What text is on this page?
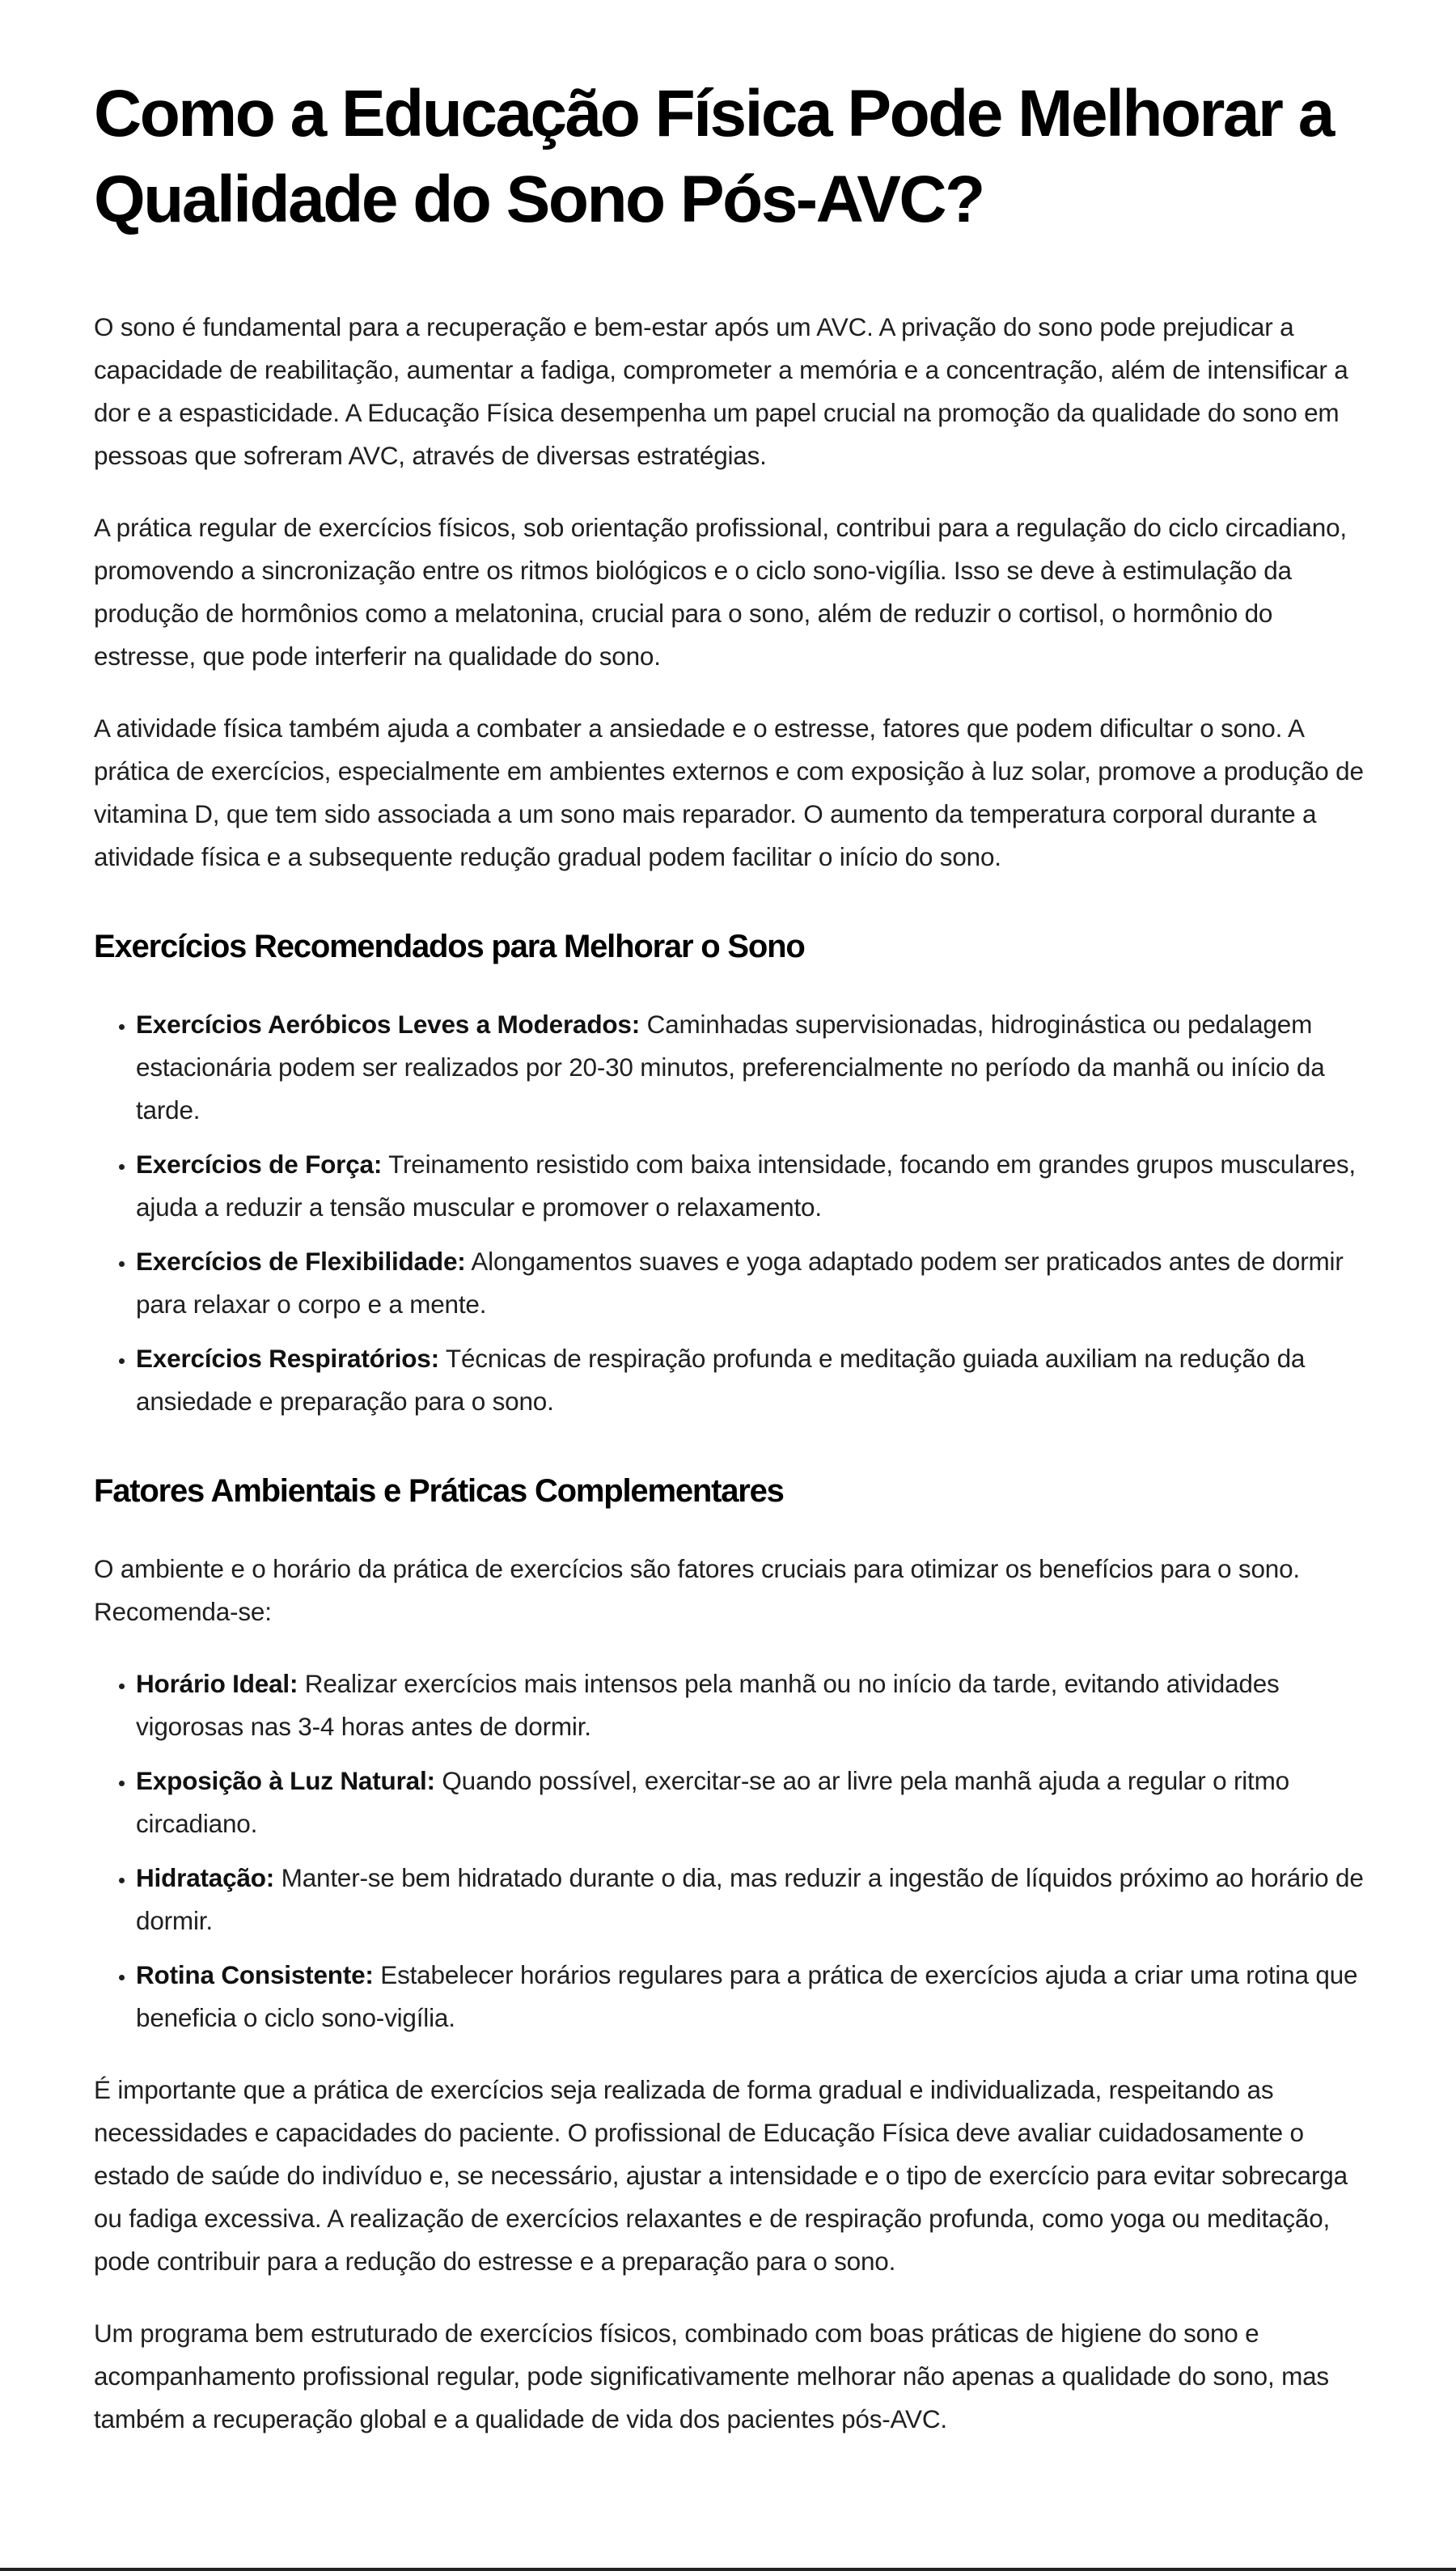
Como a Educação Física Pode Melhorar a Qualidade do Sono Pós-AVC?

O sono é fundamental para a recuperação e bem-estar após um AVC. A privação do sono pode prejudicar a capacidade de reabilitação, aumentar a fadiga, comprometer a memória e a concentração, além de intensificar a dor e a espasticidade. A Educação Física desempenha um papel crucial na promoção da qualidade do sono em pessoas que sofreram AVC, através de diversas estratégias.

A prática regular de exercícios físicos, sob orientação profissional, contribui para a regulação do ciclo circadiano, promovendo a sincronização entre os ritmos biológicos e o ciclo sono-vigília. Isso se deve à estimulação da produção de hormônios como a melatonina, crucial para o sono, além de reduzir o cortisol, o hormônio do estresse, que pode interferir na qualidade do sono.

A atividade física também ajuda a combater a ansiedade e o estresse, fatores que podem dificultar o sono. A prática de exercícios, especialmente em ambientes externos e com exposição à luz solar, promove a produção de vitamina D, que tem sido associada a um sono mais reparador. O aumento da temperatura corporal durante a atividade física e a subsequente redução gradual podem facilitar o início do sono.

Exercícios Recomendados para Melhorar o Sono
• Exercícios Aeróbicos Leves a Moderados: Caminhadas supervisionadas, hidroginástica ou pedalagem estacionária podem ser realizados por 20-30 minutos, preferencialmente no período da manhã ou início da tarde.
• Exercícios de Força: Treinamento resistido com baixa intensidade, focando em grandes grupos musculares, ajuda a reduzir a tensão muscular e promover o relaxamento.
• Exercícios de Flexibilidade: Alongamentos suaves e yoga adaptado podem ser praticados antes de dormir para relaxar o corpo e a mente.
• Exercícios Respiratórios: Técnicas de respiração profunda e meditação guiada auxiliam na redução da ansiedade e preparação para o sono.
Fatores Ambientais e Práticas Complementares

O ambiente e o horário da prática de exercícios são fatores cruciais para otimizar os benefícios para o sono. Recomenda-se:

• Horário Ideal: Realizar exercícios mais intensos pela manhã ou no início da tarde, evitando atividades vigorosas nas 3-4 horas antes de dormir.
• Exposição à Luz Natural: Quando possível, exercitar-se ao ar livre pela manhã ajuda a regular o ritmo circadiano.
• Hidratação: Manter-se bem hidratado durante o dia, mas reduzir a ingestão de líquidos próximo ao horário de dormir.
• Rotina Consistente: Estabelecer horários regulares para a prática de exercícios ajuda a criar uma rotina que beneficia o ciclo sono-vigília.

É importante que a prática de exercícios seja realizada de forma gradual e individualizada, respeitando as necessidades e capacidades do paciente. O profissional de Educação Física deve avaliar cuidadosamente o estado de saúde do indivíduo e, se necessário, ajustar a intensidade e o tipo de exercício para evitar sobrecarga ou fadiga excessiva. A realização de exercícios relaxantes e de respiração profunda, como yoga ou meditação, pode contribuir para a redução do estresse e a preparação para o sono.

Um programa bem estruturado de exercícios físicos, combinado com boas práticas de higiene do sono e acompanhamento profissional regular, pode significativamente melhorar não apenas a qualidade do sono, mas também a recuperação global e a qualidade de vida dos pacientes pós-AVC.
